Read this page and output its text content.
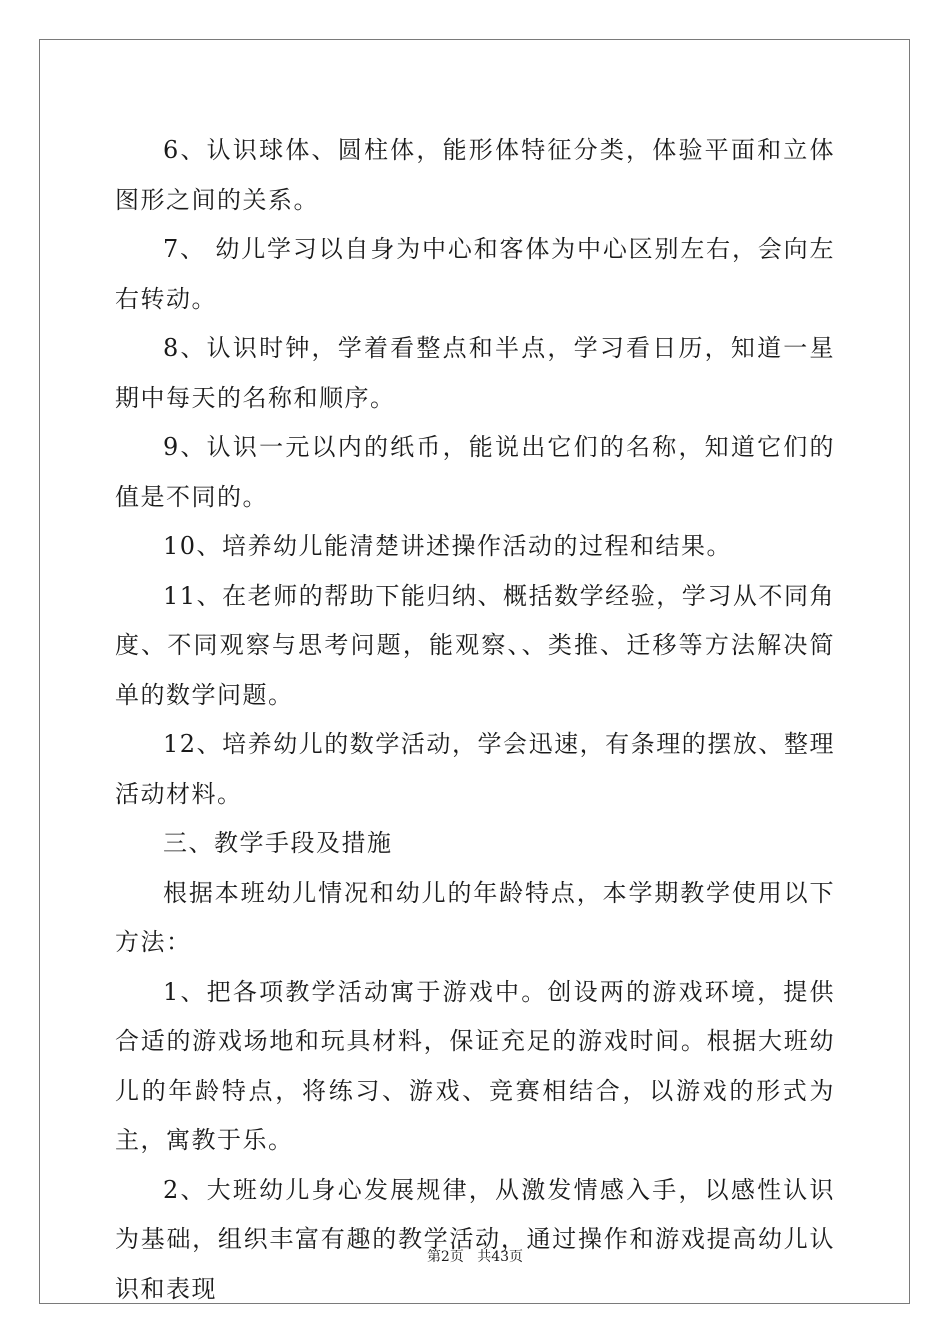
6、认识球体、圆柱体，能形体特征分类，体验平面和立体图形之间的关系。

7、 幼儿学习以自身为中心和客体为中心区别左右，会向左右转动。

8、认识时钟，学着看整点和半点，学习看日历，知道一星期中每天的名称和顺序。

9、认识一元以内的纸币，能说出它们的名称，知道它们的值是不同的。

10、培养幼儿能清楚讲述操作活动的过程和结果。

11、在老师的帮助下能归纳、概括数学经验，学习从不同角度、不同观察与思考问题，能观察、、类推、迁移等方法解决简单的数学问题。

12、培养幼儿的数学活动，学会迅速，有条理的摆放、整理活动材料。

三、教学手段及措施

根据本班幼儿情况和幼儿的年龄特点，本学期教学使用以下方法：

1、把各项教学活动寓于游戏中。创设两的游戏环境，提供合适的游戏场地和玩具材料，保证充足的游戏时间。根据大班幼儿的年龄特点，将练习、游戏、竞赛相结合，以游戏的形式为主，寓教于乐。

2、大班幼儿身心发展规律，从激发情感入手，以感性认识为基础，组织丰富有趣的教学活动，通过操作和游戏提高幼儿认识和表现

第2页 共43页
